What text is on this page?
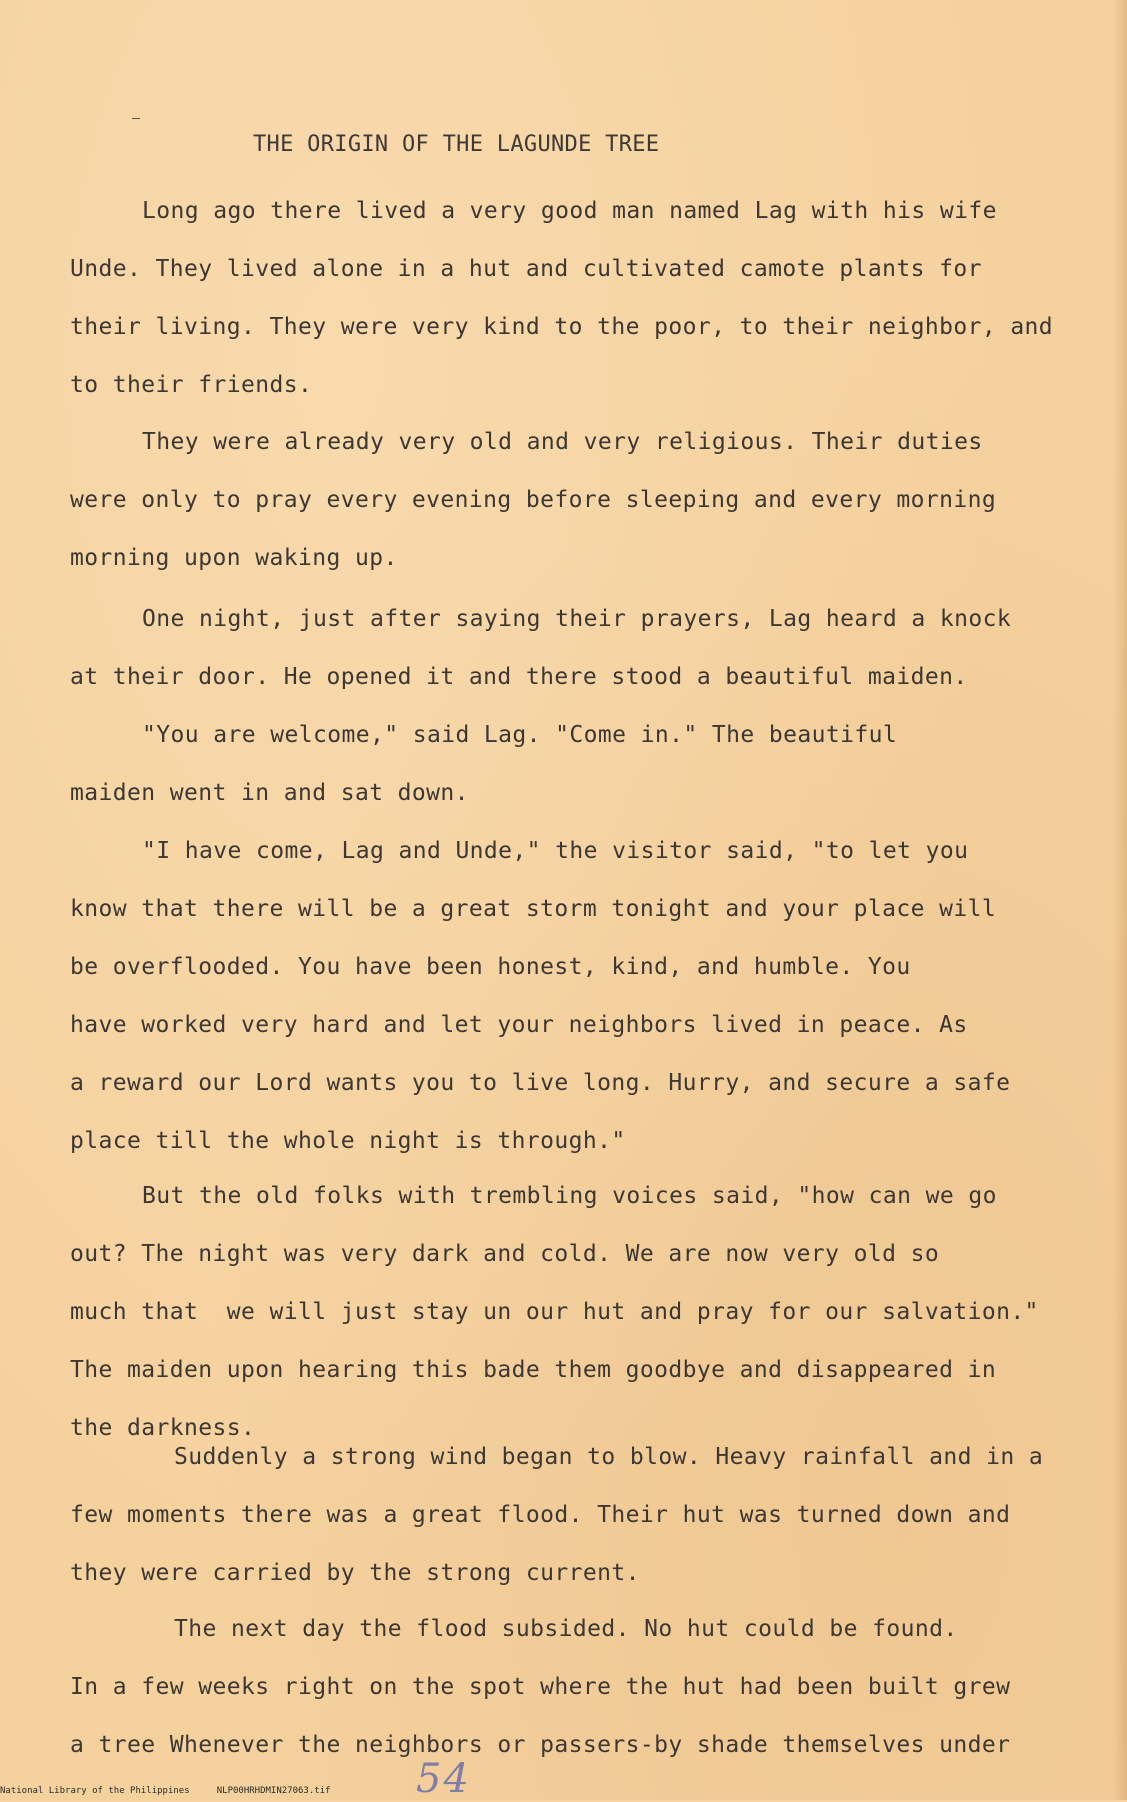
THE ORIGIN OF THE LAGUNDE TREE

Long ago there lived a very good man named Lag with his wife
Unde. They lived alone in a hut and cultivated camote plants for
their living. They were very kind to the poor, to their neighbor, and
to their friends.

They were already very old and very religious. Their duties
were only to pray every evening before sleeping and every morning
morning upon waking up.

One night, just after saying their prayers, Lag heard a knock
at their door. He opened it and there stood a beautiful maiden.

"You are welcome," said Lag. "Come in." The beautiful
maiden went in and sat down.

"I have come, Lag and Unde," the visitor said, "to let you
know that there will be a great storm tonight and your place will
be overflooded. You have been honest, kind, and humble. You
have worked very hard and let your neighbors lived in peace. As
a reward our Lord wants you to live long. Hurry, and secure a safe
place till the whole night is through."

But the old folks with trembling voices said, "how can we go
out? The night was very dark and cold. We are now very old so
much that  we will just stay un our hut and pray for our salvation."
The maiden upon hearing this bade them goodbye and disappeared in
the darkness.

Suddenly a strong wind began to blow. Heavy rainfall and in a
few moments there was a great flood. Their hut was turned down and
they were carried by the strong current.

The next day the flood subsided. No hut could be found.
In a few weeks right on the spot where the hut had been built grew
a tree Whenever the neighbors or passers-by shade themselves under

54
National Library of the Philippines     NLP00HRHDMIN27063.tif
